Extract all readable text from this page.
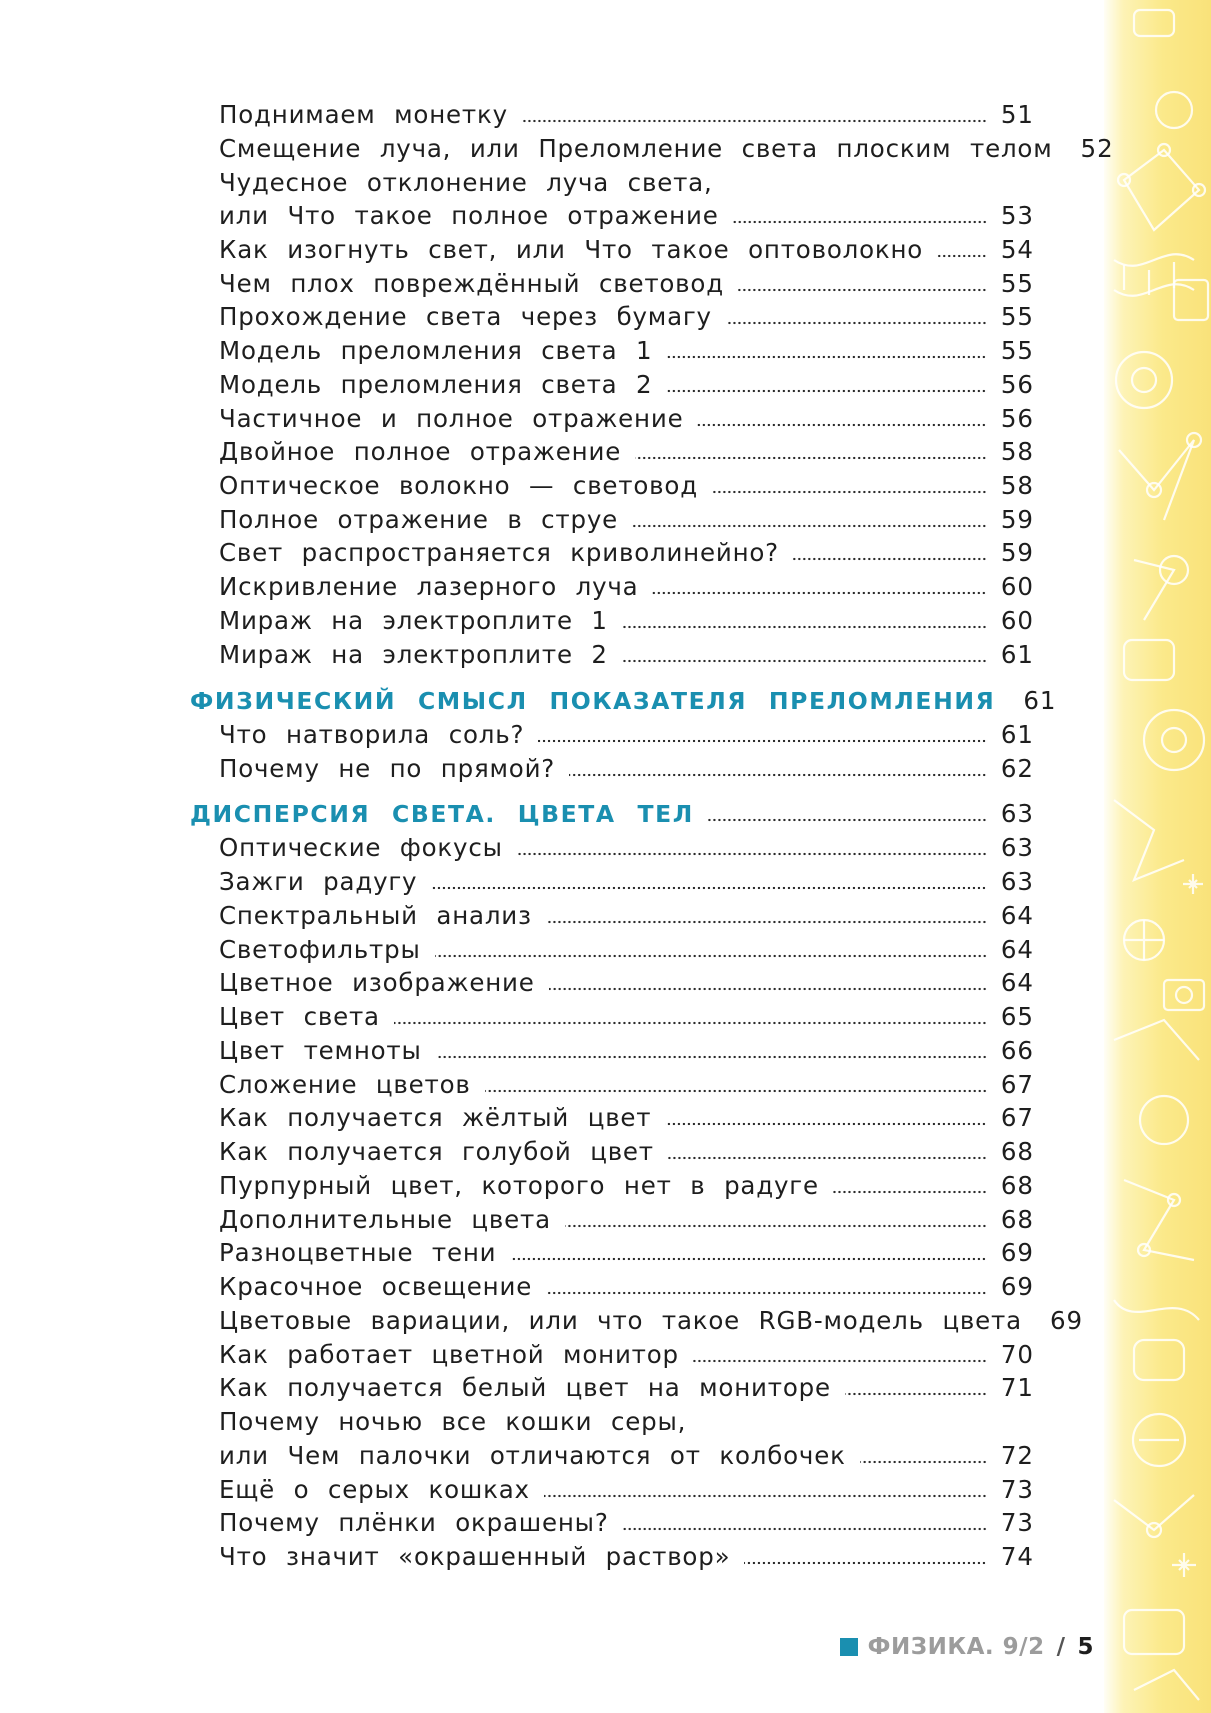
Поднимаем монетку	51
Смещение луча, или Преломление света плоским телом 52
Чудесное отклонение луча света,
или Что такое полное отражение	53
Как изогнуть свет, или Что такое оптоволокно	54
Чем плох повреждённый световод	55
Прохождение света через бумагу	55
Модель преломления света 1	55
Модель преломления света 2	56
Частичное и полное отражение	56
Двойное полное отражение	58
Оптическое волокно — световод	58
Полное отражение в струе	59
Свет распространяется криволинейно?	59
Искривление лазерного луча	60
Мираж на электроплите 1	60
Мираж на электроплите 2	61
ФИЗИЧЕСКИЙ СМЫСЛ ПОКАЗАТЕЛЯ ПРЕЛОМЛЕНИЯ 61
Что натворила соль?	61
Почему не по прямой?	62
ДИСПЕРСИЯ СВЕТА. ЦВЕТА ТЕЛ	63
Оптические фокусы	63
Зажги радугу	63
Спектральный анализ	64
Светофильтры	64
Цветное изображение	64
Цвет света	65
Цвет темноты	66
Сложение цветов	67
Как получается жёлтый цвет	67
Как получается голубой цвет	68
Пурпурный цвет, которого нет в радуге	68
Дополнительные цвета	68
Разноцветные тени	69
Красочное освещение	69
Цветовые вариации, или что такое RGB-модель цвета 69
Как работает цветной монитор	70
Как получается белый цвет на мониторе	71
Почему ночью все кошки серы,
или Чем палочки отличаются от колбочек	72
Ещё о серых кошках	73
Почему плёнки окрашены?	73
Что значит «окрашенный раствор»	74
ФИЗИКА. 9/2 / 5
